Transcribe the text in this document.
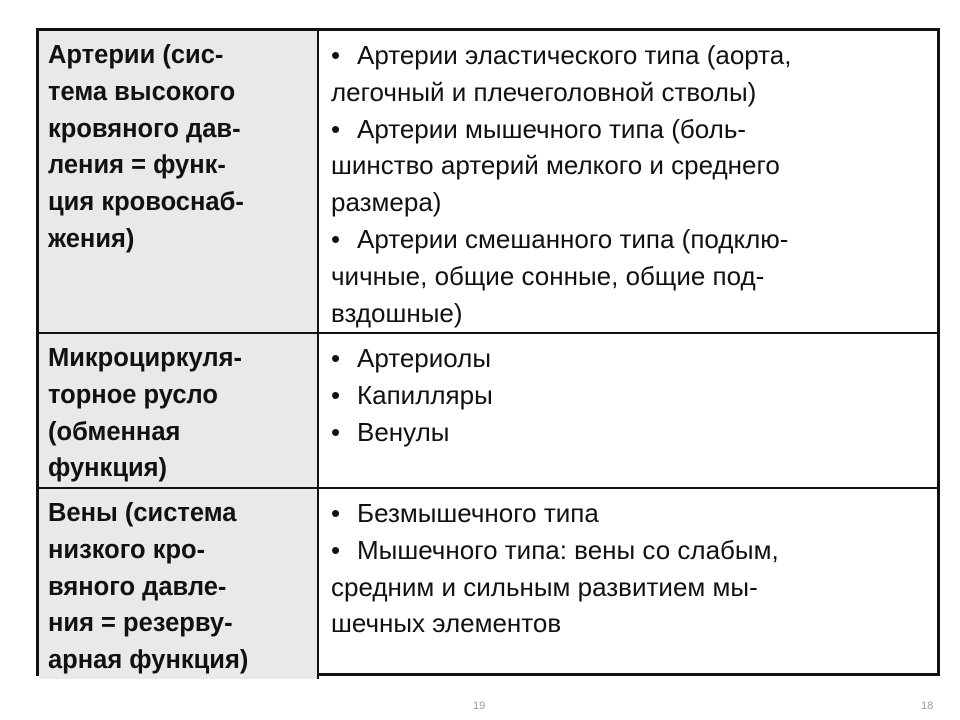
Артерии (сис-
тема высокого
кровяного дав-
ления = функ-
ция кровоснаб-
жения)
• Артерии эластического типа (аорта,
легочный и плечеголовной стволы)
• Артерии мышечного типа (боль-
шинство артерий мелкого и среднего
размера)
• Артерии смешанного типа (подклю-
чичные, общие сонные, общие под-
вздошные)
Микроциркуля-
торное русло
(обменная
функция)
• Артериолы
• Капилляры
• Венулы
Вены (система
низкого кро-
вяного давле-
ния = резерву-
арная функция)
• Безмышечного типа
• Мышечного типа: вены со слабым,
средним и сильным развитием мы-
шечных элементов
19	18
